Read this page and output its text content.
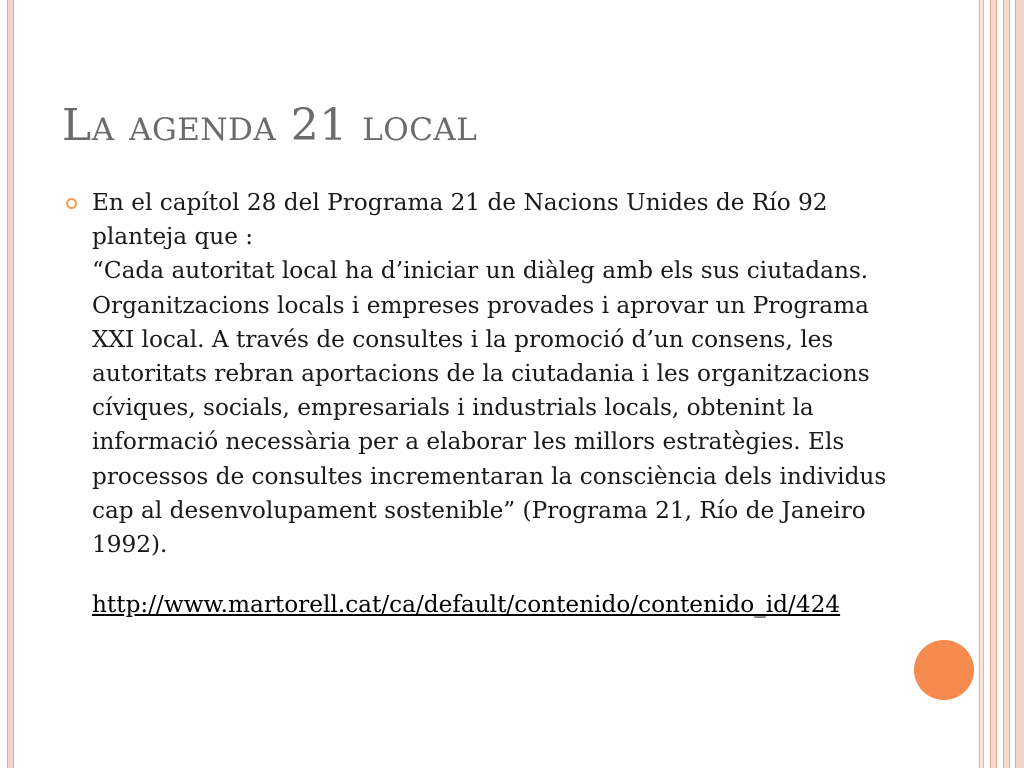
La agenda 21 local
En el capítol 28 del Programa 21 de Nacions Unides de Río 92 planteja que :
“Cada autoritat local ha d’iniciar un diàleg amb els sus ciutadans. Organitzacions locals i empreses provades i aprovar un Programa XXI local. A través de consultes i la promoció d’un consens, les autoritats rebran aportacions de la ciutadania i les organitzacions cíviques, socials, empresarials i industrials locals, obtenint la informació necessària per a elaborar les millors estratègies. Els processos de consultes incrementaran la consciència dels individus cap al desenvolupament sostenible” (Programa 21, Río de Janeiro 1992).
http://www.martorell.cat/ca/default/contenido/contenido_id/424
